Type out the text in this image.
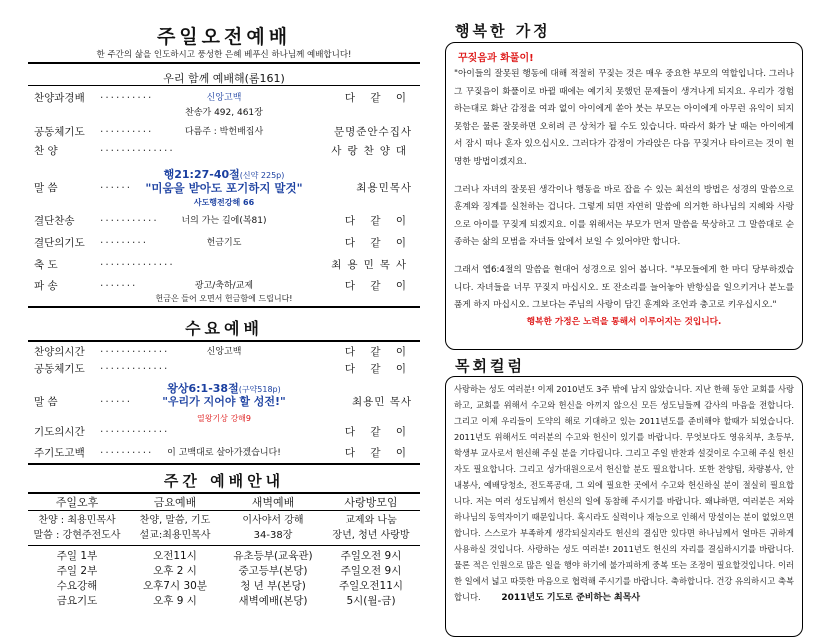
주일오전예배
한 주간의 삶을 인도하시고 풍성한 은혜 베푸신 하나님께 예배합니다!
우리 함께 예배해(롬161)
찬양과경배 ··········	신앙고백	다 같 이
찬송가 492, 461장
공동체기도 ··········	다름주 : 박헌배집사	문명준안수집사
찬 양	··············	사랑찬양대
행21:27-40절(신약 225p)
말 씀	······	"미움을 받아도 포기하지 말것"	최용민목사
사도행전강해 66
결단찬송 ···········	너의 가는 길에(복81)	다 같 이
결단의기도 ·········	헌금기도	다 같 이
축 도	··············	최용민목사
파 송	·······	광고/축하/교제	다 같 이
헌금은 들어 오면서 헌금함에 드립니다!
수요예배
찬양의시간 ·············	신앙고백	다 같 이
공동체기도 ·············	다 같 이
왕상6:1-38절(구약518p)
말 씀	······	"우리가 지어야 할 성전!"	최용민 목사
열왕기상 강해9
기도의시간 ·············	다 같 이
주기도고백 ··········	이 고백대로 살아가겠습니다!	다 같 이
주간 예배안내
주일오후	금요예배	새벽예배	사랑방모임

찬양 : 최용민목사	찬양, 말씀, 기도	이사야서 강해	교제와 나눔
말씀 : 강현주전도사	설교:최용민목사	34-38장	장년, 청년 사랑방
주일 1부	오전11시	유초등부(교육관)	주일오전 9시
주일 2부	오후 2 시	중고등부(본당)	주일오전 9시
수요강해	오후7시 30분	청 년 부(본당)	주일오전11시
금요기도	오후 9 시	새벽예배(본당)	5시(월-금)
행복한 가정
꾸짖음과 화풀이!
"아이들의 잘못된 행동에 대해 적절히 꾸짖는 것은 매우 중요한 부모의 역할입니다. 그러나 그 꾸짖음이 화풀이로 바뀔 때에는 예기치 못했던 문제들이 생겨나게 되지요. 우리가 경험 하는대로 화난 감정을 여과 없이 아이에게 쏟아 붓는 부모는 아이에게 아무런 유익이 되지 못함은 물론 잘못하면 오히려 큰 상처가 될 수도 있습니다. 따라서 화가 날 때는 아이에게서 잠시 떠나 혼자 있으십시오. 그러다가 감정이 가라앉은 다음 꾸짖거나 타이르는 것이 현명한 방법이겠지요.
그러나 자녀의 잘못된 생각이나 행동을 바로 잡을 수 있는 최선의 방법은 성경의 말씀으로 훈계와 징계를 실천하는 겁니다. 그렇게 되면 자연히 말씀에 의거한 하나님의 지혜와 사랑으로 아이를 꾸짖게 되겠지요. 이를 위해서는 부모가 먼저 말씀을 묵상하고 그 말씀대로 순종하는 삶의 모범을 자녀들 앞에서 보일 수 있어야만 합니다.
그래서 엡6:4절의 말씀을 현대어 성경으로 읽어 봅니다. "부모들에게 한 마디 당부하겠습니다. 자녀들을 너무 꾸짖지 마십시오. 또 잔소리를 늘어놓아 반항심을 일으키거나 분노를 품게 하지 마십시오. 그보다는 주님의 사랑이 담긴 훈계와 조언과 충고로 키우십시오."
행복한 가정은 노력을 통해서 이루어지는 것입니다.
목회컬럼
사랑하는 성도 여러분! 이제 2010년도 3주 밖에 남지 않았습니다. 지난 한해 동안 교회를 사랑하고, 교회를 위해서 수고와 헌신을 아끼지 않으신 모든 성도님들께 감사의 마음을 전합니다. 그리고 이제 우리들이 도약의 해로 기대하고 있는 2011년도를 준비해야 할때가 되었습니다. 2011년도 위해서도 여러분의 수고와 헌신이 있기를 바랍니다. 무엇보다도 영유치부, 초등부, 학생부 교사로서 헌신해 주실 분을 기다립니다. 그리고 주일 반찬과 설겆이로 수고해 주실 헌신자도 필요합니다. 그리고 성가대원으로서 헌신할 분도 필요합니다. 또한 찬양팀, 차량봉사, 안내봉사, 예배당청소, 전도폭공대, 그 외에 필요한 곳에서 수고와 헌신하실 분이 절실히 필요합니다. 저는 여러 성도님께서 헌신의 일에 동참해 주시기를 바랍니다. 왜냐하면, 여러분은 저와 하나님의 동역자이기 때문입니다. 혹시라도 실력이나 재능으로 인해서 망설이는 분이 없었으면 합니다. 스스로가 부족하게 생각되실지라도 헌신의 결심만 있다면 하나님께서 얼마든 귀하게 사용하실 것입니다. 사랑하는 성도 여러분! 2011년도 헌신의 자리를 결심하시기를 바랍니다. 물론 적은 인원으로 많은 일을 행야 하기에 불가피하게 중복 또는 조정이 필요할것입니다. 이러한 일에서 넓고 따뜻한 마음으로 협력해 주시기를 바랍니다. 축하합니다. 건강 유의하시고 축복합니다. 2011년도 기도로 준비하는 최목사
